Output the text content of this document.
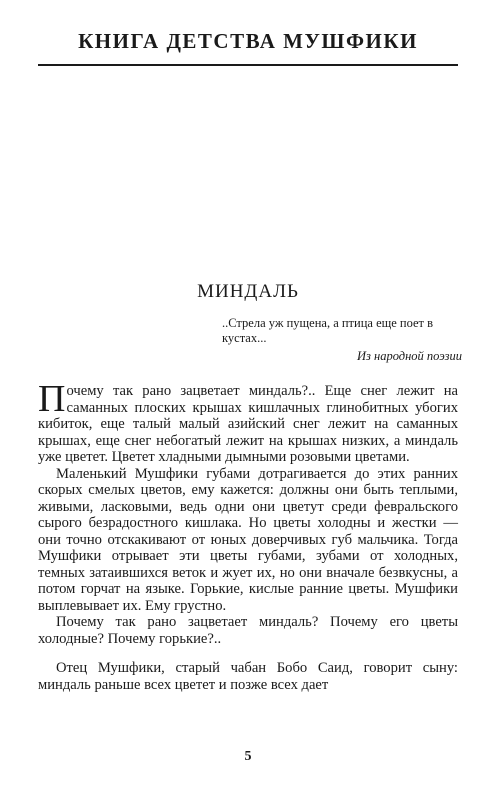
КНИГА ДЕТСТВА МУШФИКИ
МИНДАЛЬ
..Стрела уж пущена, а птица еще поет в кустах...
Из народной поэзии

Почему так рано зацветает миндаль?.. Еще снег лежит на саманных плоских крышах кишлачных глинобитных убогих кибиток, еще талый малый азийский снег лежит на саманных крышах, еще снег небогатый лежит на крышах низких, а миндаль уже цветет. Цветет хладными дымными розовыми цветами.

Маленький Мушфики губами дотрагивается до этих ранних скорых смелых цветов, ему кажется: должны они быть теплыми, живыми, ласковыми, ведь одни они цветут среди февральского сырого безрадостного кишлака. Но цветы холодны и жестки — они точно отскакивают от юных доверчивых губ мальчика. Тогда Мушфики отрывает эти цветы губами, зубами от холодных, темных затаившихся веток и жует их, но они вначале безвкусны, а потом горчат на языке. Горькие, кислые ранние цветы. Мушфики выплевывает их. Ему грустно.

Почему так рано зацветает миндаль? Почему его цветы холодные? Почему горькие?..

Отец Мушфики, старый чабан Бобо Саид, говорит сыну: миндаль раньше всех цветет и позже всех дает

5
